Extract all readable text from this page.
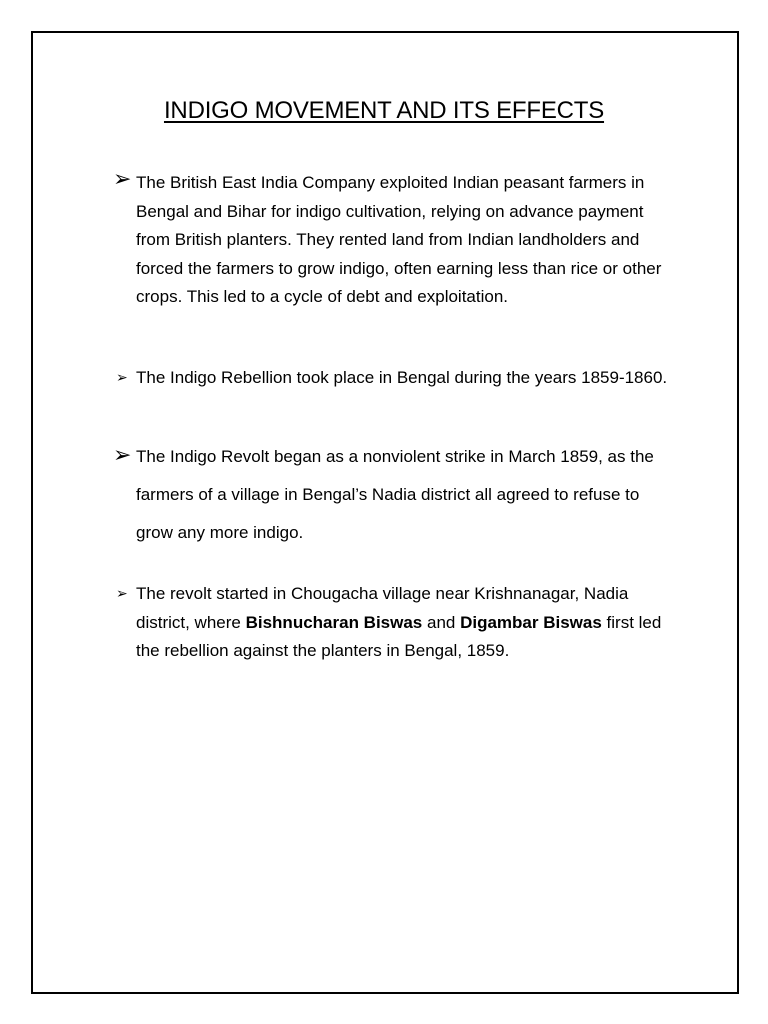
INDIGO MOVEMENT AND ITS EFFECTS
➢ The British East India Company exploited Indian peasant farmers in Bengal and Bihar for indigo cultivation, relying on advance payment from British planters. They rented land from Indian landholders and forced the farmers to grow indigo, often earning less than rice or other crops. This led to a cycle of debt and exploitation.
➢ The Indigo Rebellion took place in Bengal during the years 1859-1860.
➢ The Indigo Revolt began as a nonviolent strike in March 1859, as the farmers of a village in Bengal’s Nadia district all agreed to refuse to grow any more indigo.
➢ The revolt started in Chougacha village near Krishnanagar, Nadia district, where Bishnucharan Biswas and Digambar Biswas first led the rebellion against the planters in Bengal, 1859.
